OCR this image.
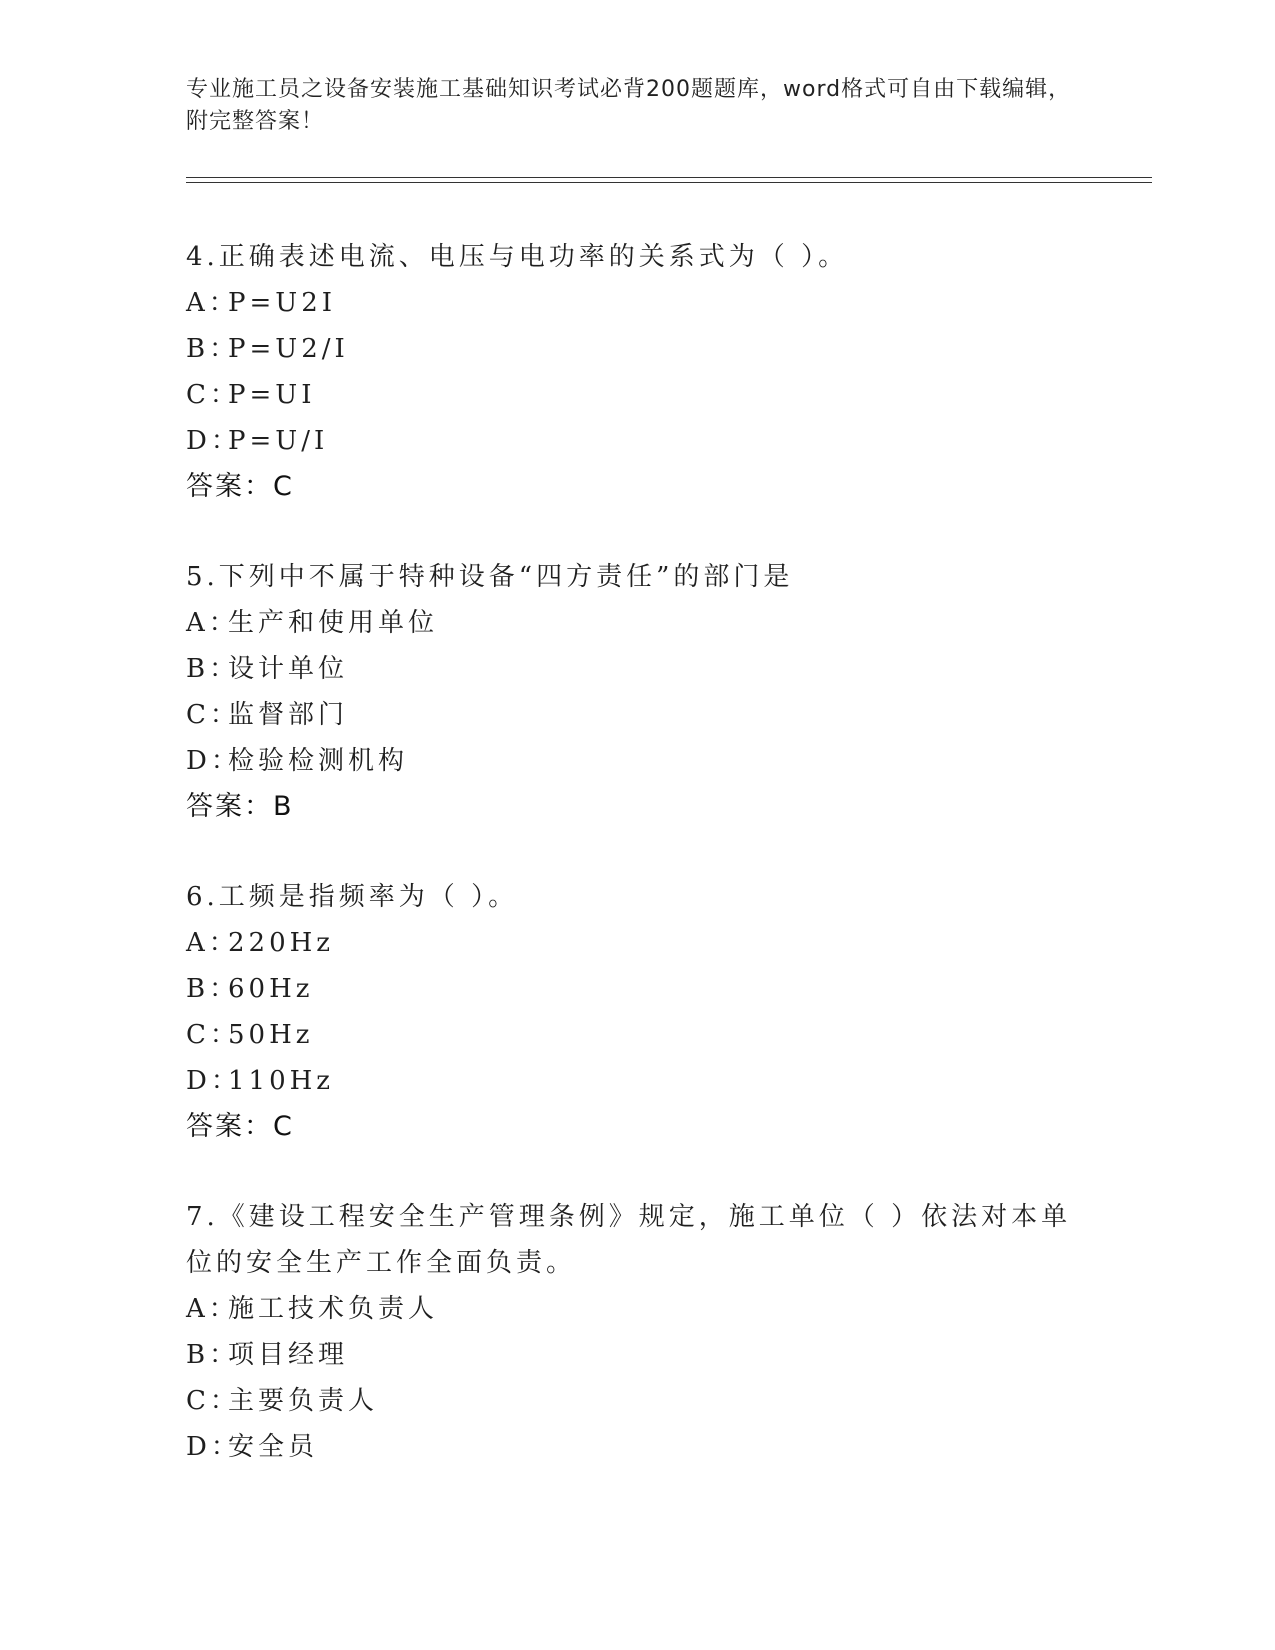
专业施工员之设备安装施工基础知识考试必背200题题库，word格式可自由下载编辑，附完整答案！
4.正确表述电流、电压与电功率的关系式为（ ）。
A：
P=U2I
B：
P=U2/I
C：
P=UI
D：
P=U/I
答案：C
5.下列中不属于特种设备“四方责任”的部门是
A：
生产和使用单位
B：
设计单位
C：
监督部门
D：
检验检测机构
答案：B
6.工频是指频率为（ ）。
A：
220Hz
B：
60Hz
C：
50Hz
D：
110Hz
答案：C
7.《建设工程安全生产管理条例》规定，施工单位（ ）依法对本单位的安全生产工作全面负责。
A：
施工技术负责人
B：
项目经理
C：
主要负责人
D：
安全员
